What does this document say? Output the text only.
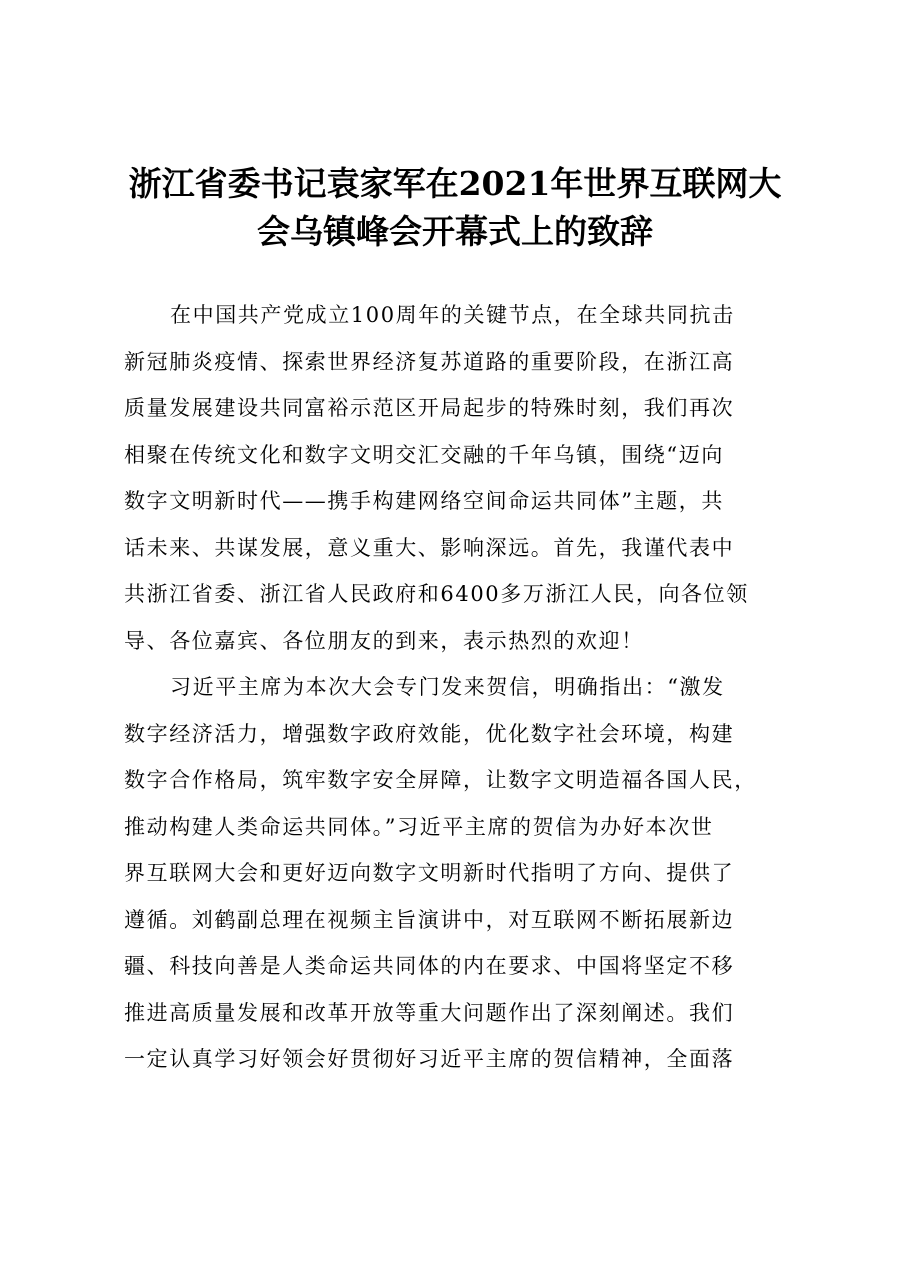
浙江省委书记袁家军在2021年世界互联网大
会乌镇峰会开幕式上的致辞
在中国共产党成立100周年的关键节点，在全球共同抗击
新冠肺炎疫情、探索世界经济复苏道路的重要阶段，在浙江高
质量发展建设共同富裕示范区开局起步的特殊时刻，我们再次
相聚在传统文化和数字文明交汇交融的千年乌镇，围绕“迈向
数字文明新时代——携手构建网络空间命运共同体”主题，共
话未来、共谋发展，意义重大、影响深远。首先，我谨代表中
共浙江省委、浙江省人民政府和6400多万浙江人民，向各位领
导、各位嘉宾、各位朋友的到来，表示热烈的欢迎！
习近平主席为本次大会专门发来贺信，明确指出：“激发
数字经济活力，增强数字政府效能，优化数字社会环境，构建
数字合作格局，筑牢数字安全屏障，让数字文明造福各国人民，
推动构建人类命运共同体。”习近平主席的贺信为办好本次世
界互联网大会和更好迈向数字文明新时代指明了方向、提供了
遵循。刘鹤副总理在视频主旨演讲中，对互联网不断拓展新边
疆、科技向善是人类命运共同体的内在要求、中国将坚定不移
推进高质量发展和改革开放等重大问题作出了深刻阐述。我们
一定认真学习好领会好贯彻好习近平主席的贺信精神，全面落
